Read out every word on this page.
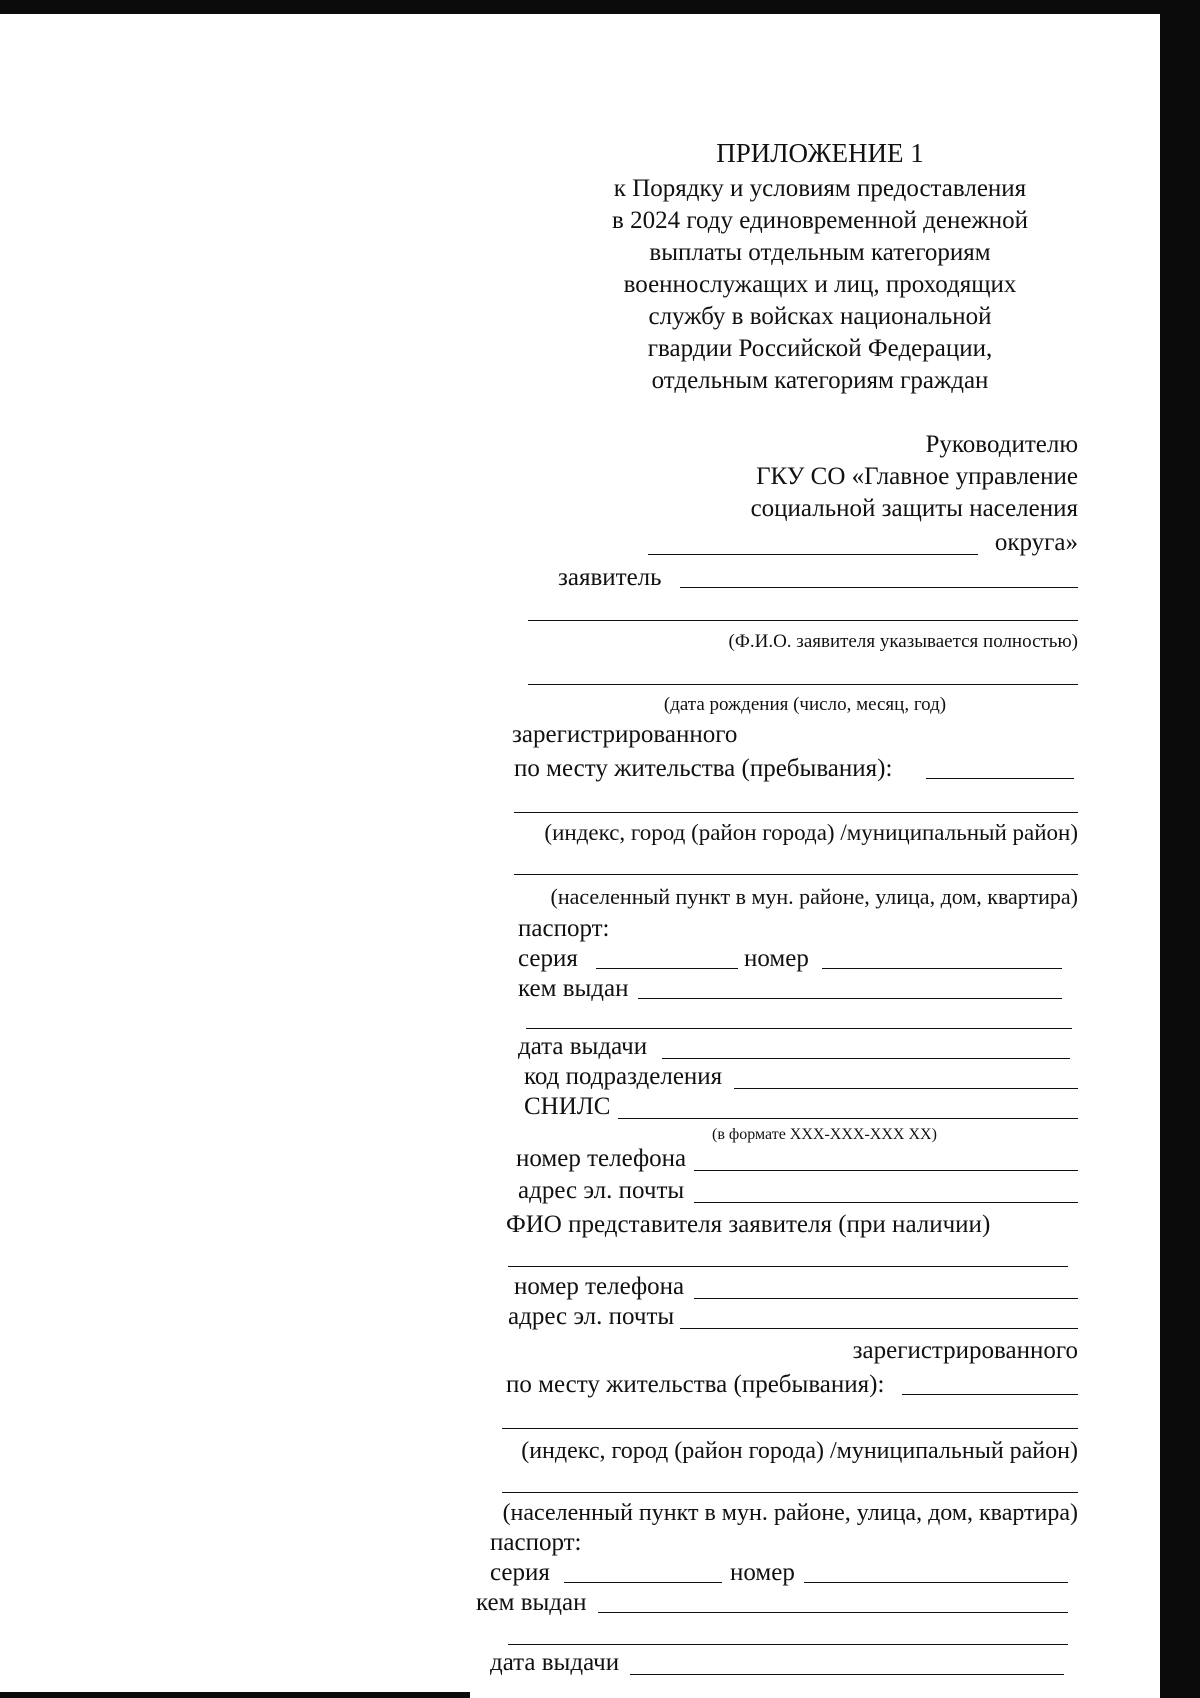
ПРИЛОЖЕНИЕ 1
к Порядку и условиям предоставления
в 2024 году единовременной денежной
выплаты отдельным категориям
военнослужащих и лиц, проходящих
службу в войсках национальной
гвардии Российской Федерации,
отдельным категориям граждан
Руководителю
ГКУ СО «Главное управление
социальной защиты населения
округа»
заявитель
(Ф.И.О. заявителя указывается полностью)
(дата рождения (число, месяц, год)
зарегистрированного
по месту жительства (пребывания):
(индекс, город (район города) /муниципальный район)
(населенный пункт в мун. районе, улица, дом, квартира)
паспорт:
серия	номер
кем выдан
дата выдачи
код подразделения
СНИЛС
(в формате ХХХ-ХХХ-ХХХ ХХ)
номер телефона
адрес эл. почты
ФИО представителя заявителя (при наличии)
номер телефона
адрес эл. почты
зарегистрированного
по месту жительства (пребывания):
(индекс, город (район города) /муниципальный район)
(населенный пункт в мун. районе, улица, дом, квартира)
паспорт:
серия	номер
кем выдан
дата выдачи
